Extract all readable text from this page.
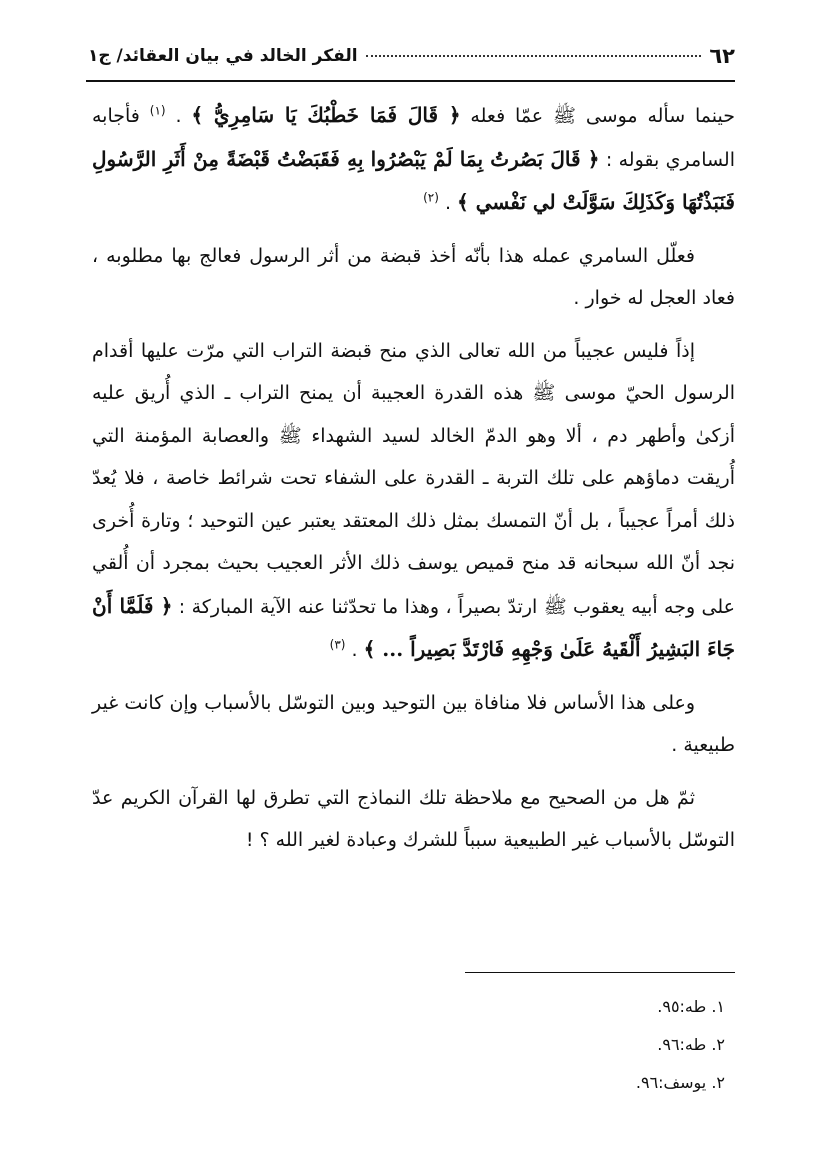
٦٢
الفكر الخالد في بيان العقائد/ ج١

حينما سأله موسى ﷺ عمّا فعله ﴿ قَالَ فَمَا خَطْبُكَ يَا سَامِرِيُّ ﴾ . $^{(١)}$ فأجابه السامري بقوله : ﴿ قَالَ بَصُرتُ بِمَا لَمْ يَبْصُرُوا بِهِ فَقَبَضْتُ قَبْضَةً مِنْ أَثَرِ الرَّسُولِ فَنَبَذْتُهَا وَكَذَلِكَ سَوَّلَتْ لي نَفْسي ﴾ . $^{(٢)}$

فعلّل السامري عمله هذا بأنّه أخذ قبضة من أثر الرسول فعالج بها مطلوبه ، فعاد العجل له خوار .

إذاً فليس عجيباً من الله تعالى الذي منح قبضة التراب التي مرّت عليها أقدام الرسول الحيّ موسى ﷺ هذه القدرة العجيبة أن يمنح التراب ـ الذي أُريق عليه أزكىٰ وأطهر دم ، ألا وهو الدمّ الخالد لسيد الشهداء ﷺ والعصابة المؤمنة التي أُريقت دماؤهم على تلك التربة ـ القدرة على الشفاء تحت شرائط خاصة ، فلا يُعدّ ذلك أمراً عجيباً ، بل أنّ التمسك بمثل ذلك المعتقد يعتبر عين التوحيد ؛ وتارة أُخرى نجد أنّ الله سبحانه قد منح قميص يوسف ذلك الأثر العجيب بحيث بمجرد أن أُلقي على وجه أبيه يعقوب ﷺ ارتدّ بصيراً ، وهذا ما تحدّثنا عنه الآية المباركة : ﴿ فَلَمَّا أَنْ جَاءَ البَشِيرُ أَلْقَيهُ عَلَىٰ وَجْهِهِ فَارْتَدَّ بَصِيراً ... ﴾ . $^{(٣)}$

وعلى هذا الأساس فلا منافاة بين التوحيد وبين التوسّل بالأسباب وإن كانت غير طبيعية .

ثمّ هل من الصحيح مع ملاحظة تلك النماذج التي تطرق لها القرآن الكريم عدّ التوسّل بالأسباب غير الطبيعية سبباً للشرك وعبادة لغير الله ؟ !

١. طه:٩٥.

٢. طه:٩٦.

٢. يوسف:٩٦.
